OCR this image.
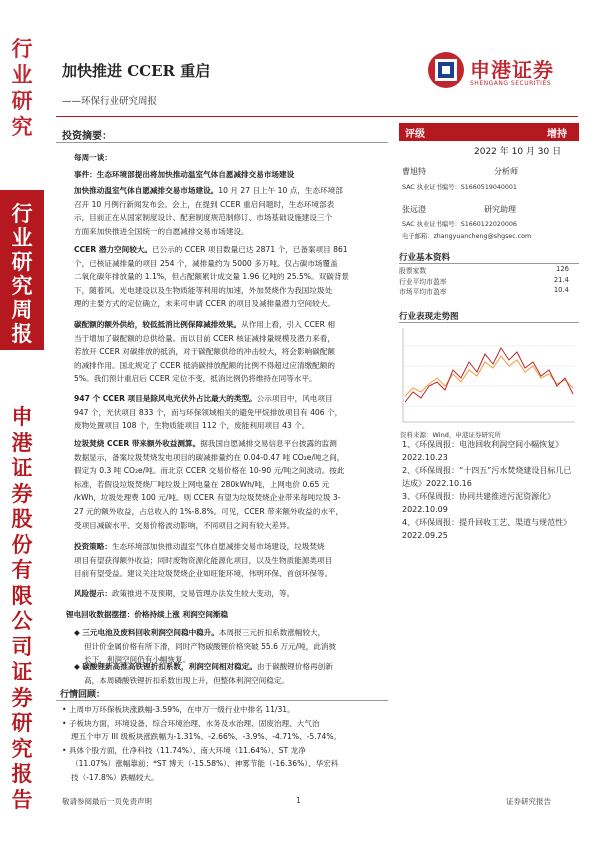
行
业
研
究
行
业
研
究
周
报
申
港
证
券
股
份
有
限
公
司
证
券
研
究
报
告
加快推进 CCER 重启
——环保行业研究周报
申港证券
SHENGANG SECURITIES
投资摘要：
每周一谈：
事件：生态环境部提出将加快推动温室气体自愿减排交易市场建设
加快推动温室气体自愿减排交易市场建设。10 月 27 日上午 10 点，生态环境部
召开 10 月例行新闻发布会。会上，在提到 CCER 重启问题时，生态环境部表
示，目前正在从国家制度设计、配套制度规范制修订、市场基础设施建设三个
方面来加快推进全国统一的自愿减排交易市场建设。
CCER 潜力空间较大。已公示的 CCER 项目数量已达 2871 个，已备案项目 861
个，已核证减排量的项目 254 个，减排量约为 5000 多万吨。仅占碳市场覆盖
二氧化碳年排放量的 1.1%，但占配额累计成交量 1.96 亿吨的 25.5%。双碳背景
下，随着风、光电建设以及生物质能等利用的加速，外加焚烧作为我国垃圾处
理的主要方式的定位确立，未来可申请 CCER 的项目及减排量潜力空间较大。
碳配额的额外供给，较低抵消比例保障减排效果。从作用上看，引入 CCER 相
当于增加了碳配额的总供给量。而以目前 CCER 核证减排量规模及潜力来看，
若放开 CCER 对碳排放的抵消，对于碳配额供给的冲击较大，将会影响碳配额
的减排作用。国北规定了 CCER 抵消碳排放配额的比例不得超过应清缴配额的
5%。我们预计重启后 CCER 定位不变，抵消比例仍将维持在同等水平。
947 个 CCER 项目是除风电光伏外占比最大的类型。公示项目中，风电项目
947 个，光伏项目 833 个，而与环保领域相关的避免甲烷排放项目有 406 个，
废物处置项目 108 个，生物质能项目 112 个，废能利用项目 43 个。
垃圾焚烧 CCER 带来额外收益测算。据我国自愿减排交易信息平台披露的监测
数据显示，备案垃圾焚烧发电项目的碳减排量约在 0.04-0.47 吨 CO₂e/吨之间，
假定为 0.3 吨 CO₂e/吨。而北京 CCER 交易价格在 10-90 元/吨之间波动。按此
标准，若假设垃圾焚烧厂吨垃圾上网电量在 280kWh/吨，上网电价 0.65 元
/kWh，垃圾处理费 100 元/吨。则 CCER 有望为垃圾焚烧企业带来每吨垃圾 3-
27 元的额外收益，占总收入的 1%-8.8%。可见，CCER 带来额外收益的水平，
受项目减碳水平、交易价格波动影响，不同项目之间有较大差异。
投资策略：生态环境部加快推动温室气体自愿减排交易市场建设，垃圾焚烧
项目有望获得额外收益；同时废物资源化能源化项目，以及生物质能源类项目
目前有望受益。建议关注垃圾焚烧企业如旺能环境、伟明环保、首创环保等。
风险提示：政策推进不及预期，交易管理办法发生较大变动，等。
锂电回收数据摆摆：价格持续上涨 利润空间渐稳
◆ 三元电池及废料回收利润空间稳中稳升。本周报三元折扣系数涨幅较大，
但计价金属价格有所下滑，同时产物碳酸锂价格突破 55.6 万元/吨，此消彼
长下，利润空间仍有小幅恢复。
◆ 碳酸锂新高推高铁锂折扣系数，利润空间相对稳定。由于碳酸锂价格再创新
高，本周磷酸铁锂折扣系数出现上升，但整体利润空间稳定。
行情回顾：
• 上周申万环保板块涨跌幅-3.59%，在申万一级行业中排名 11/31。
• 子板块方面，环境设备、综合环境治理、水务及水治理、固废治理、大气治
理五个申万 III 级板块涨跌幅为-1.31%、-2.66%、-3.9%、-4.71%、-5.74%。
• 具体个股方面，仕净科技（11.74%）、南大环境（11.64%）、ST 龙净
（11.07%）涨幅靠前；*ST 博天（-15.58%）、神雾节能（-16.36%）、华宏科
技（-17.8%）跌幅较大。
评级	增持
2022 年 10 月 30 日
曹旭特	分析师
SAC 执业证书编号：S1660519040001
张远澄	研究助理
SAC 执业证书编号：S1660122020006
电子邮箱：zhangyuancheng@shgsec.com
行业基本资料
股票家数	126
行业平均市盈率	21.4
市场平均市盈率	10.4
行业表现走势图
资料来源：Wind，申港证券研究所
1、《环保周报：电池回收利润空间小幅恢复》2022.10.23
2、《环保周报：“十四五”污水焚烧建设目标几已达成》2022.10.16
3、《环保周报：协同共建推进污泥资源化》2022.10.09
4、《环保周报：提升回收工艺、渠道与规范性》2022.09.25
敬请参阅最后一页免责声明	1	证券研究报告
